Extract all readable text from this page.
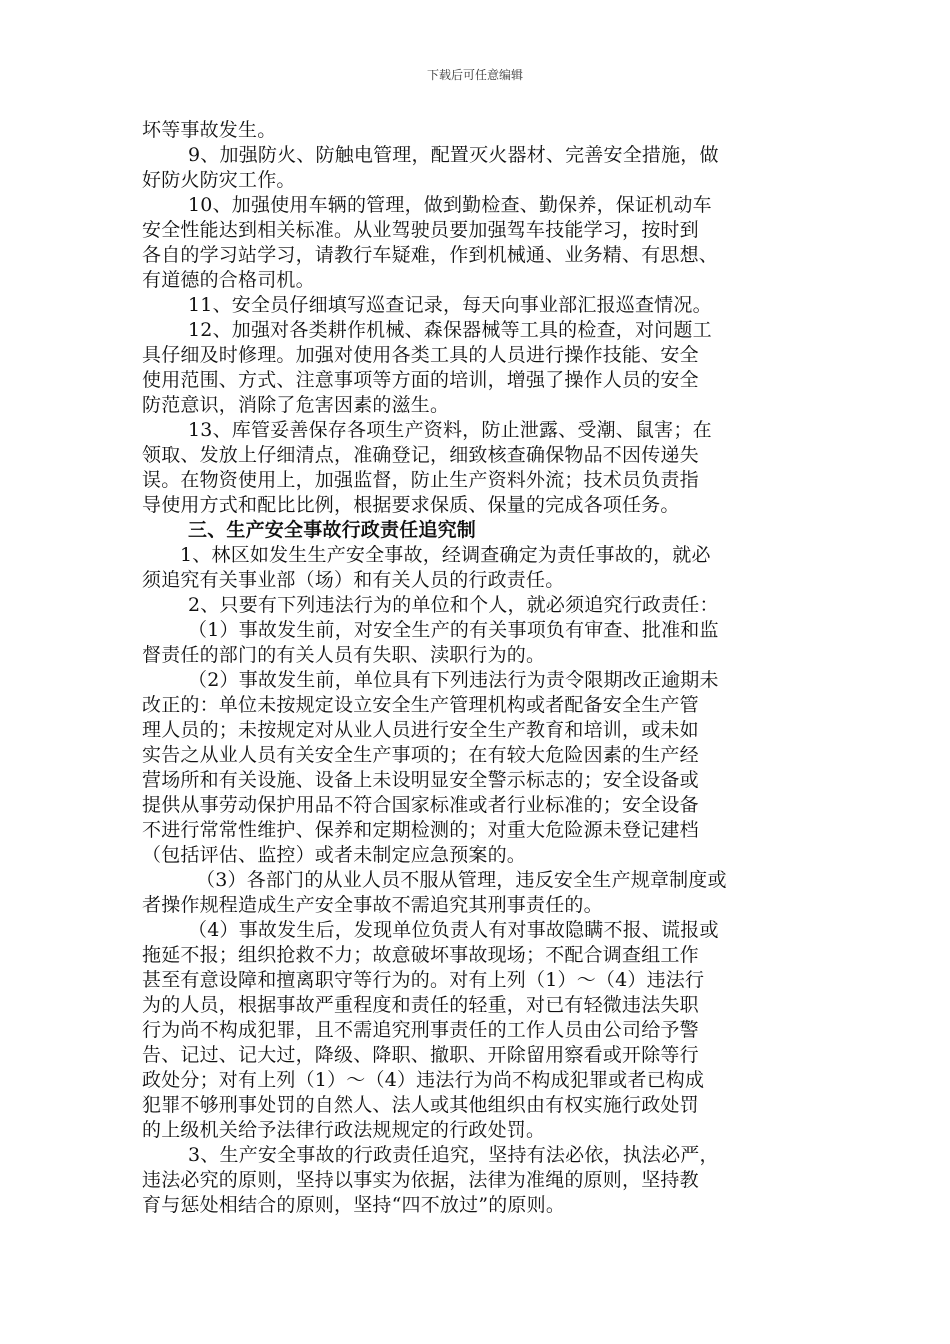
下载后可任意编辑
坏等事故发生。
9、加强防火、防触电管理，配置灭火器材、完善安全措施，做
好防火防灾工作。
10、加强使用车辆的管理，做到勤检查、勤保养，保证机动车
安全性能达到相关标准。从业驾驶员要加强驾车技能学习，按时到
各自的学习站学习，请教行车疑难，作到机械通、业务精、有思想、
有道德的合格司机。
11、安全员仔细填写巡查记录，每天向事业部汇报巡查情况。
12、加强对各类耕作机械、森保器械等工具的检查，对问题工
具仔细及时修理。加强对使用各类工具的人员进行操作技能、安全
使用范围、方式、注意事项等方面的培训，增强了操作人员的安全
防范意识，消除了危害因素的滋生。
13、库管妥善保存各项生产资料，防止泄露、受潮、鼠害；在
领取、发放上仔细清点，准确登记，细致核查确保物品不因传递失
误。在物资使用上，加强监督，防止生产资料外流；技术员负责指
导使用方式和配比比例，根据要求保质、保量的完成各项任务。
三、生产安全事故行政责任追究制
1、林区如发生生产安全事故，经调查确定为责任事故的，就必
须追究有关事业部（场）和有关人员的行政责任。
2、只要有下列违法行为的单位和个人，就必须追究行政责任：
（1）事故发生前，对安全生产的有关事项负有审查、批准和监
督责任的部门的有关人员有失职、渎职行为的。
（2）事故发生前，单位具有下列违法行为责令限期改正逾期未
改正的：单位未按规定设立安全生产管理机构或者配备安全生产管
理人员的；未按规定对从业人员进行安全生产教育和培训，或未如
实告之从业人员有关安全生产事项的；在有较大危险因素的生产经
营场所和有关设施、设备上未设明显安全警示标志的；安全设备或
提供从事劳动保护用品不符合国家标准或者行业标准的；安全设备
不进行常常性维护、保养和定期检测的；对重大危险源未登记建档
（包括评估、监控）或者未制定应急预案的。
（3）各部门的从业人员不服从管理，违反安全生产规章制度或
者操作规程造成生产安全事故不需追究其刑事责任的。
（4）事故发生后，发现单位负责人有对事故隐瞒不报、谎报或
拖延不报；组织抢救不力；故意破坏事故现场；不配合调查组工作
甚至有意设障和擅离职守等行为的。对有上列（1）～（4）违法行
为的人员，根据事故严重程度和责任的轻重，对已有轻微违法失职
行为尚不构成犯罪，且不需追究刑事责任的工作人员由公司给予警
告、记过、记大过，降级、降职、撤职、开除留用察看或开除等行
政处分；对有上列（1）～（4）违法行为尚不构成犯罪或者已构成
犯罪不够刑事处罚的自然人、法人或其他组织由有权实施行政处罚
的上级机关给予法律行政法规规定的行政处罚。
3、生产安全事故的行政责任追究，坚持有法必依，执法必严，
违法必究的原则，坚持以事实为依据，法律为准绳的原则，坚持教
育与惩处相结合的原则，坚持“四不放过”的原则。
